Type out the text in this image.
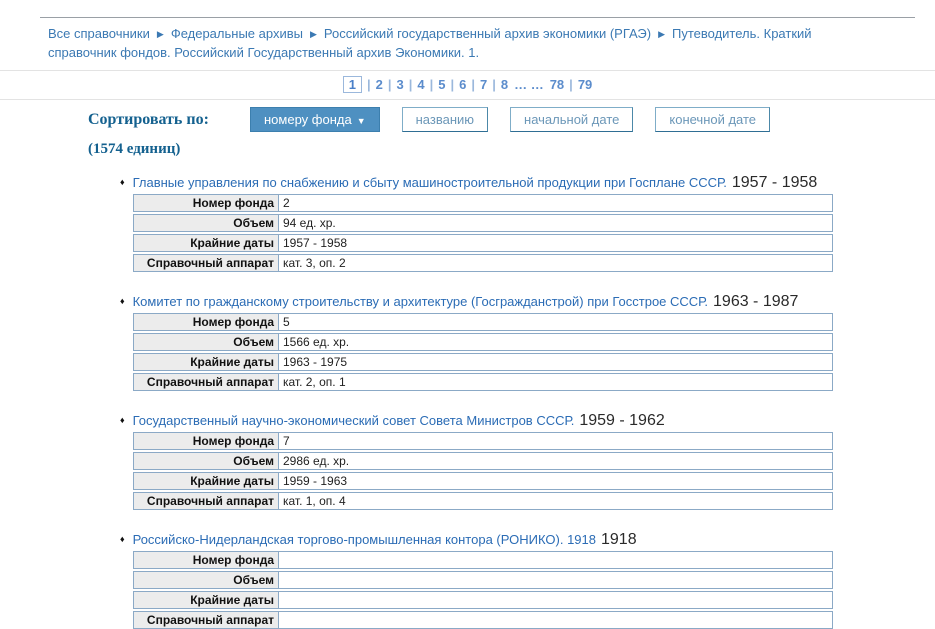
Все справочники ▶ Федеральные архивы ▶ Российский государственный архив экономики (РГАЭ) ▶ Путеводитель. Краткий справочник фондов. Российский Государственный архив Экономики. 1.
1 | 2 | 3 | 4 | 5 | 6 | 7 | 8 … … 78 | 79
Сортировать по:	номеру фонда ▼	названию	начальной дате	конечной дате
(1574 единиц)
♦ Главные управления по снабжению и сбыту машиностроительной продукции при Госплане СССР. 1957 - 1958
Номер фонда 2
Объем 94 ед. хр.
Крайние даты 1957 - 1958
Справочный аппарат кат. 3, оп. 2
♦ Комитет по гражданскому строительству и архитектуре (Госгражданстрой) при Госстрое СССР. 1963 - 1987
Номер фонда 5
Объем 1566 ед. хр.
Крайние даты 1963 - 1975
Справочный аппарат кат. 2, оп. 1
♦ Государственный научно-экономический совет Совета Министров СССР. 1959 - 1962
Номер фонда 7
Объем 2986 ед. хр.
Крайние даты 1959 - 1963
Справочный аппарат кат. 1, оп. 4
♦ Российско-Нидерландская торгово-промышленная контора (РОНИКО). 1918 1918
Номер фонда
Объем
Крайние даты
Справочный аппарат
